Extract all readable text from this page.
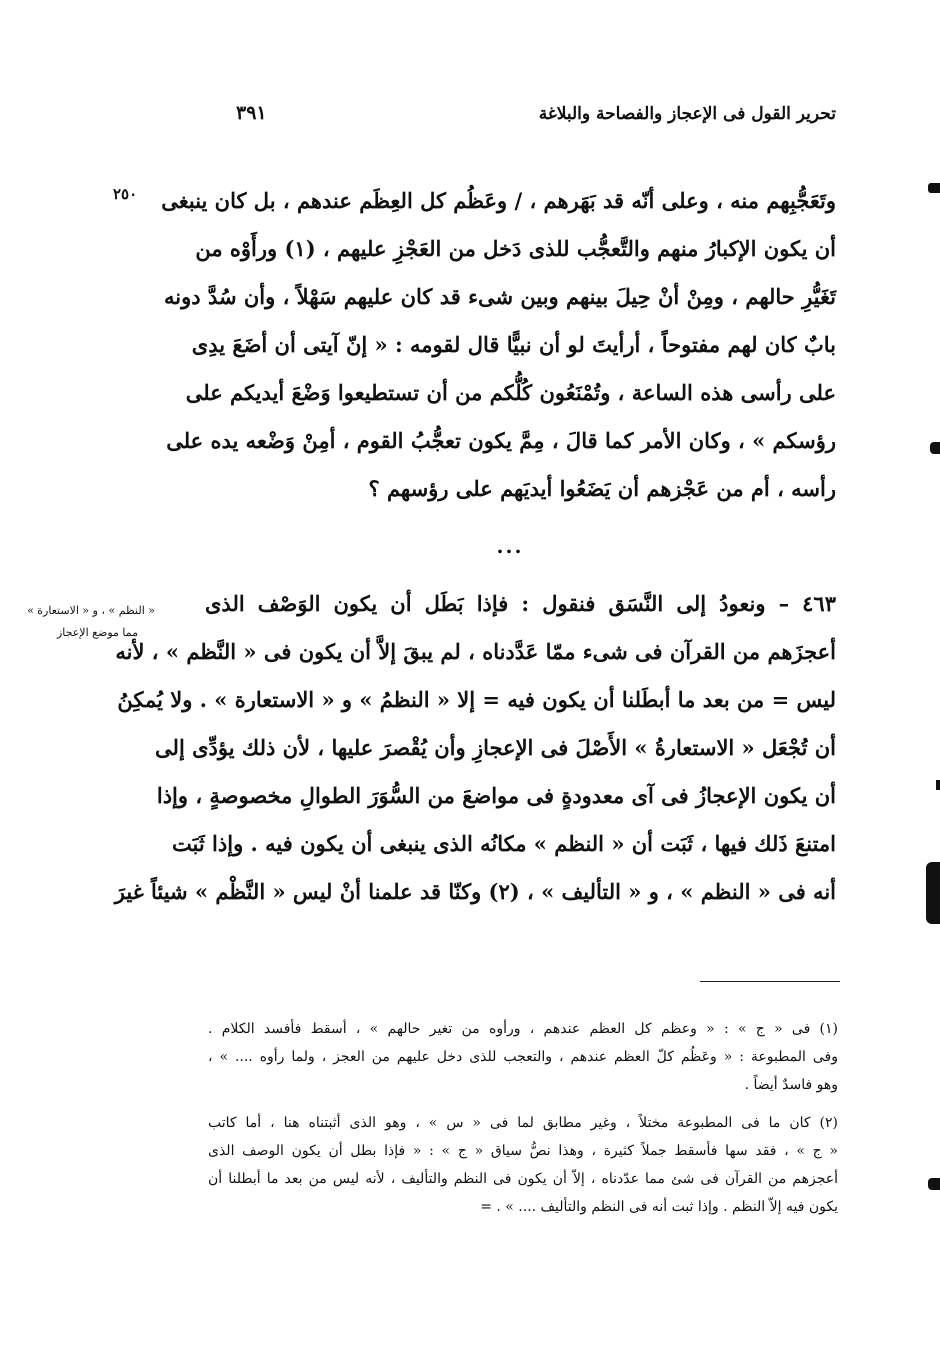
تحرير القول فى الإعجاز والفصاحة والبلاغة
٣٩١
٢٥٠
« النظم » ، و « الاستعارة »
مما موضع الإعجاز
وتَعَجُّبِهم منه ، وعلى أنّه قد بَهَرهم ، / وعَظُم كل العِظَم عندهم ، بل كان ينبغى
أن يكون الإكبارُ منهم والتَّعجُّب للذى دَخل من العَجْزِ عليهم ، (١) ورأَوْه من
تَغَيُّرِ حالهم ، ومِنْ أنْ حِيلَ بينهم وبين شىء قد كان عليهم سَهْلاً ، وأن سُدَّ دونه
بابٌ كان لهم مفتوحاً ، أرأيتَ لو أن نبيًّا قال لقومه : « إنّ آيتى أن أضَعَ يدِى
على رأسى هذه الساعة ، وتُمْنَعُون كُلُّكم من أن تستطيعوا وَضْعَ أيديكم على
رؤسكم » ، وكان الأمر كما قالَ ، مِمَّ يكون تعجُّبُ القوم ، أمِنْ وَضْعه يده على
رأسه ، أم من عَجْزهم أن يَضَعُوا أيديَهم على رؤسهم ؟
...
٤٦٣ – ونعودُ إلى النَّسَق فنقول : فإذا بَطَل أن يكون الوَصْف الذى
أعجزَهم من القرآن فى شىء ممّا عَدَّدناه ، لم يبقَ إلاَّ أن يكون فى « النَّظم » ، لأنه
ليس = من بعد ما أبطَلنا أن يكون فيه = إلا « النظمُ » و « الاستعارة » . ولا يُمكِنُ
أن تُجْعَل « الاستعارةُ » الأَصْلَ فى الإعجازِ وأن يُقْصرَ عليها ، لأن ذلك يؤدِّى إلى
أن يكون الإعجازُ فى آى معدودةٍ فى مواضعَ من السُّوَرَ الطوالِ مخصوصةٍ ، وإذا
امتنعَ ذَلك فيها ، ثَبَت أن « النظم » مكانُه الذى ينبغى أن يكون فيه . وإذا ثَبَت
أنه فى « النظم » ، و « التأليف » ، (٢) وكنّا قد علمنا أنْ ليس « النَّظْم » شيئاً غيرَ
(١) فى « ج » : « وعظم كل العظم عندهم ، ورأوه من تغير حالهم » ، أسقط فأفسد الكلام .
وفى المطبوعة : « وعَظُم كلّ العظم عندهم ، والتعجب للذى دخل عليهم من العجز ، ولما رأوه .... » ،
وهو فاسدٌ أيضاً .
(٢) كان ما فى المطبوعة مختلاً ، وغير مطابق لما فى « س » ، وهو الذى أثبتناه هنا ، أما كاتب
« ج » ، فقد سها فأسقط جملاً كثيرة ، وهذا نصُّ سياق « ج » : « فإذا بطل أن يكون الوصف الذى
أعجزهم من القرآن فى شئ مما عدّدناه ، إلاّ أن يكون فى النظم والتأليف ، لأنه ليس من بعد ما أبطلنا أن
يكون فيه إلاّ النظم . وإذا ثبت أنه فى النظم والتأليف .... » . =
